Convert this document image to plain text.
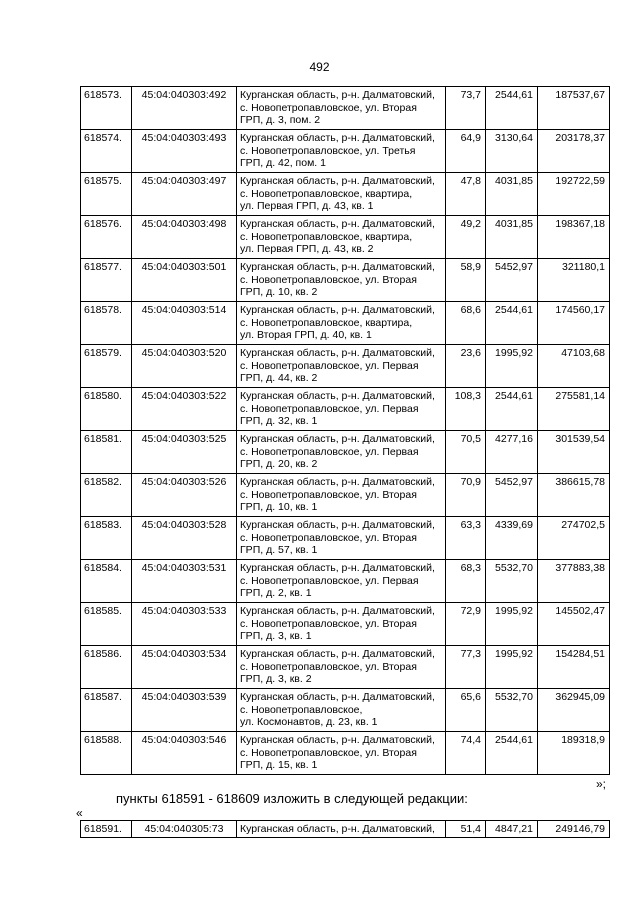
492
618573.	45:04:040303:492	Курганская область, р-н. Далматовский,
с. Новопетропавловское, ул. Вторая
ГРП, д. 3, пом. 2	73,7	2544,61	187537,67
618574.	45:04:040303:493	Курганская область, р-н. Далматовский,
с. Новопетропавловское, ул. Третья
ГРП, д. 42, пом. 1	64,9	3130,64	203178,37
618575.	45:04:040303:497	Курганская область, р-н. Далматовский,
с. Новопетропавловское, квартира,
ул. Первая ГРП, д. 43, кв. 1	47,8	4031,85	192722,59
618576.	45:04:040303:498	Курганская область, р-н. Далматовский,
с. Новопетропавловское, квартира,
ул. Первая ГРП, д. 43, кв. 2	49,2	4031,85	198367,18
618577.	45:04:040303:501	Курганская область, р-н. Далматовский,
с. Новопетропавловское, ул. Вторая
ГРП, д. 10, кв. 2	58,9	5452,97	321180,1
618578.	45:04:040303:514	Курганская область, р-н. Далматовский,
с. Новопетропавловское, квартира,
ул. Вторая ГРП, д. 40, кв. 1	68,6	2544,61	174560,17
618579.	45:04:040303:520	Курганская область, р-н. Далматовский,
с. Новопетропавловское, ул. Первая
ГРП, д. 44, кв. 2	23,6	1995,92	47103,68
618580.	45:04:040303:522	Курганская область, р-н. Далматовский,
с. Новопетропавловское, ул. Первая
ГРП, д. 32, кв. 1	108,3	2544,61	275581,14
618581.	45:04:040303:525	Курганская область, р-н. Далматовский,
с. Новопетропавловское, ул. Первая
ГРП, д. 20, кв. 2	70,5	4277,16	301539,54
618582.	45:04:040303:526	Курганская область, р-н. Далматовский,
с. Новопетропавловское, ул. Вторая
ГРП, д. 10, кв. 1	70,9	5452,97	386615,78
618583.	45:04:040303:528	Курганская область, р-н. Далматовский,
с. Новопетропавловское, ул. Вторая
ГРП, д. 57, кв. 1	63,3	4339,69	274702,5
618584.	45:04:040303:531	Курганская область, р-н. Далматовский,
с. Новопетропавловское, ул. Первая
ГРП, д. 2, кв. 1	68,3	5532,70	377883,38
618585.	45:04:040303:533	Курганская область, р-н. Далматовский,
с. Новопетропавловское, ул. Вторая
ГРП, д. 3, кв. 1	72,9	1995,92	145502,47
618586.	45:04:040303:534	Курганская область, р-н. Далматовский,
с. Новопетропавловское, ул. Вторая
ГРП, д. 3, кв. 2	77,3	1995,92	154284,51
618587.	45:04:040303:539	Курганская область, р-н. Далматовский,
с. Новопетропавловское,
ул. Космонавтов, д. 23, кв. 1	65,6	5532,70	362945,09
618588.	45:04:040303:546	Курганская область, р-н. Далматовский,
с. Новопетропавловское, ул. Вторая
ГРП, д. 15, кв. 1	74,4	2544,61	189318,9
»;
пункты 618591 - 618609 изложить в следующей редакции:
«
618591.	45:04:040305:73	Курганская область, р-н. Далматовский,	51,4	4847,21	249146,79
